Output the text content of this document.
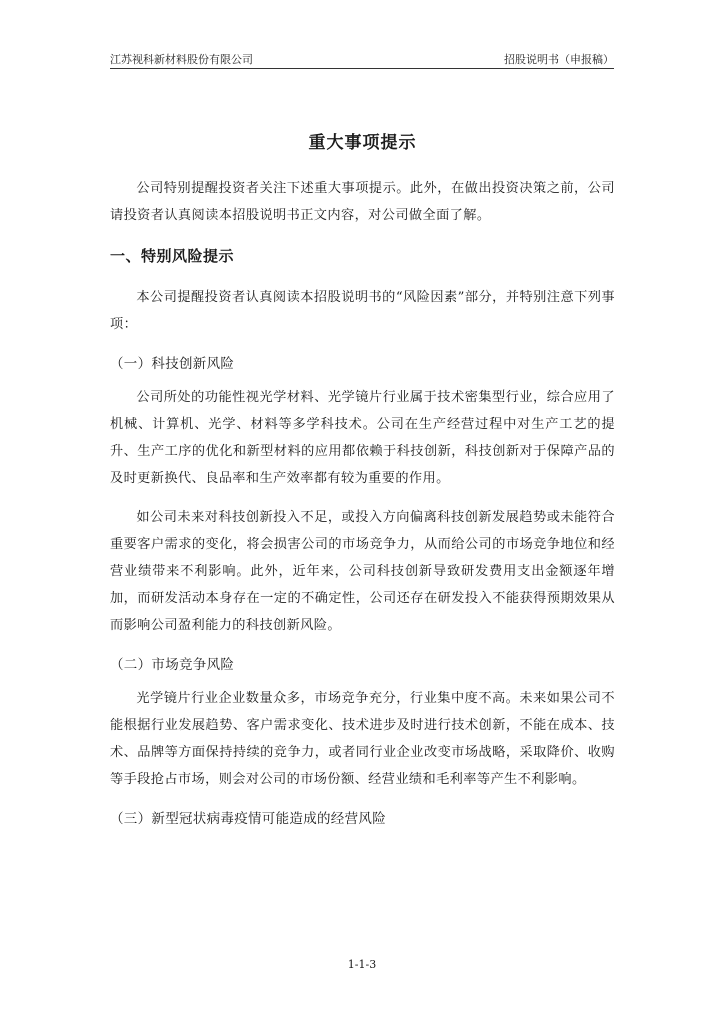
江苏视科新材料股份有限公司	招股说明书（申报稿）
重大事项提示

公司特别提醒投资者关注下述重大事项提示。此外，在做出投资决策之前，公司请投资者认真阅读本招股说明书正文内容，对公司做全面了解。

一、特别风险提示

本公司提醒投资者认真阅读本招股说明书的“风险因素”部分，并特别注意下列事项：

（一）科技创新风险

公司所处的功能性视光学材料、光学镜片行业属于技术密集型行业，综合应用了机械、计算机、光学、材料等多学科技术。公司在生产经营过程中对生产工艺的提升、生产工序的优化和新型材料的应用都依赖于科技创新，科技创新对于保障产品的及时更新换代、良品率和生产效率都有较为重要的作用。

如公司未来对科技创新投入不足，或投入方向偏离科技创新发展趋势或未能符合重要客户需求的变化，将会损害公司的市场竞争力，从而给公司的市场竞争地位和经营业绩带来不利影响。此外，近年来，公司科技创新导致研发费用支出金额逐年增加，而研发活动本身存在一定的不确定性，公司还存在研发投入不能获得预期效果从而影响公司盈利能力的科技创新风险。

（二）市场竞争风险

光学镜片行业企业数量众多，市场竞争充分，行业集中度不高。未来如果公司不能根据行业发展趋势、客户需求变化、技术进步及时进行技术创新，不能在成本、技术、品牌等方面保持持续的竞争力，或者同行业企业改变市场战略，采取降价、收购等手段抢占市场，则会对公司的市场份额、经营业绩和毛利率等产生不利影响。

（三）新型冠状病毒疫情可能造成的经营风险
1-1-3
